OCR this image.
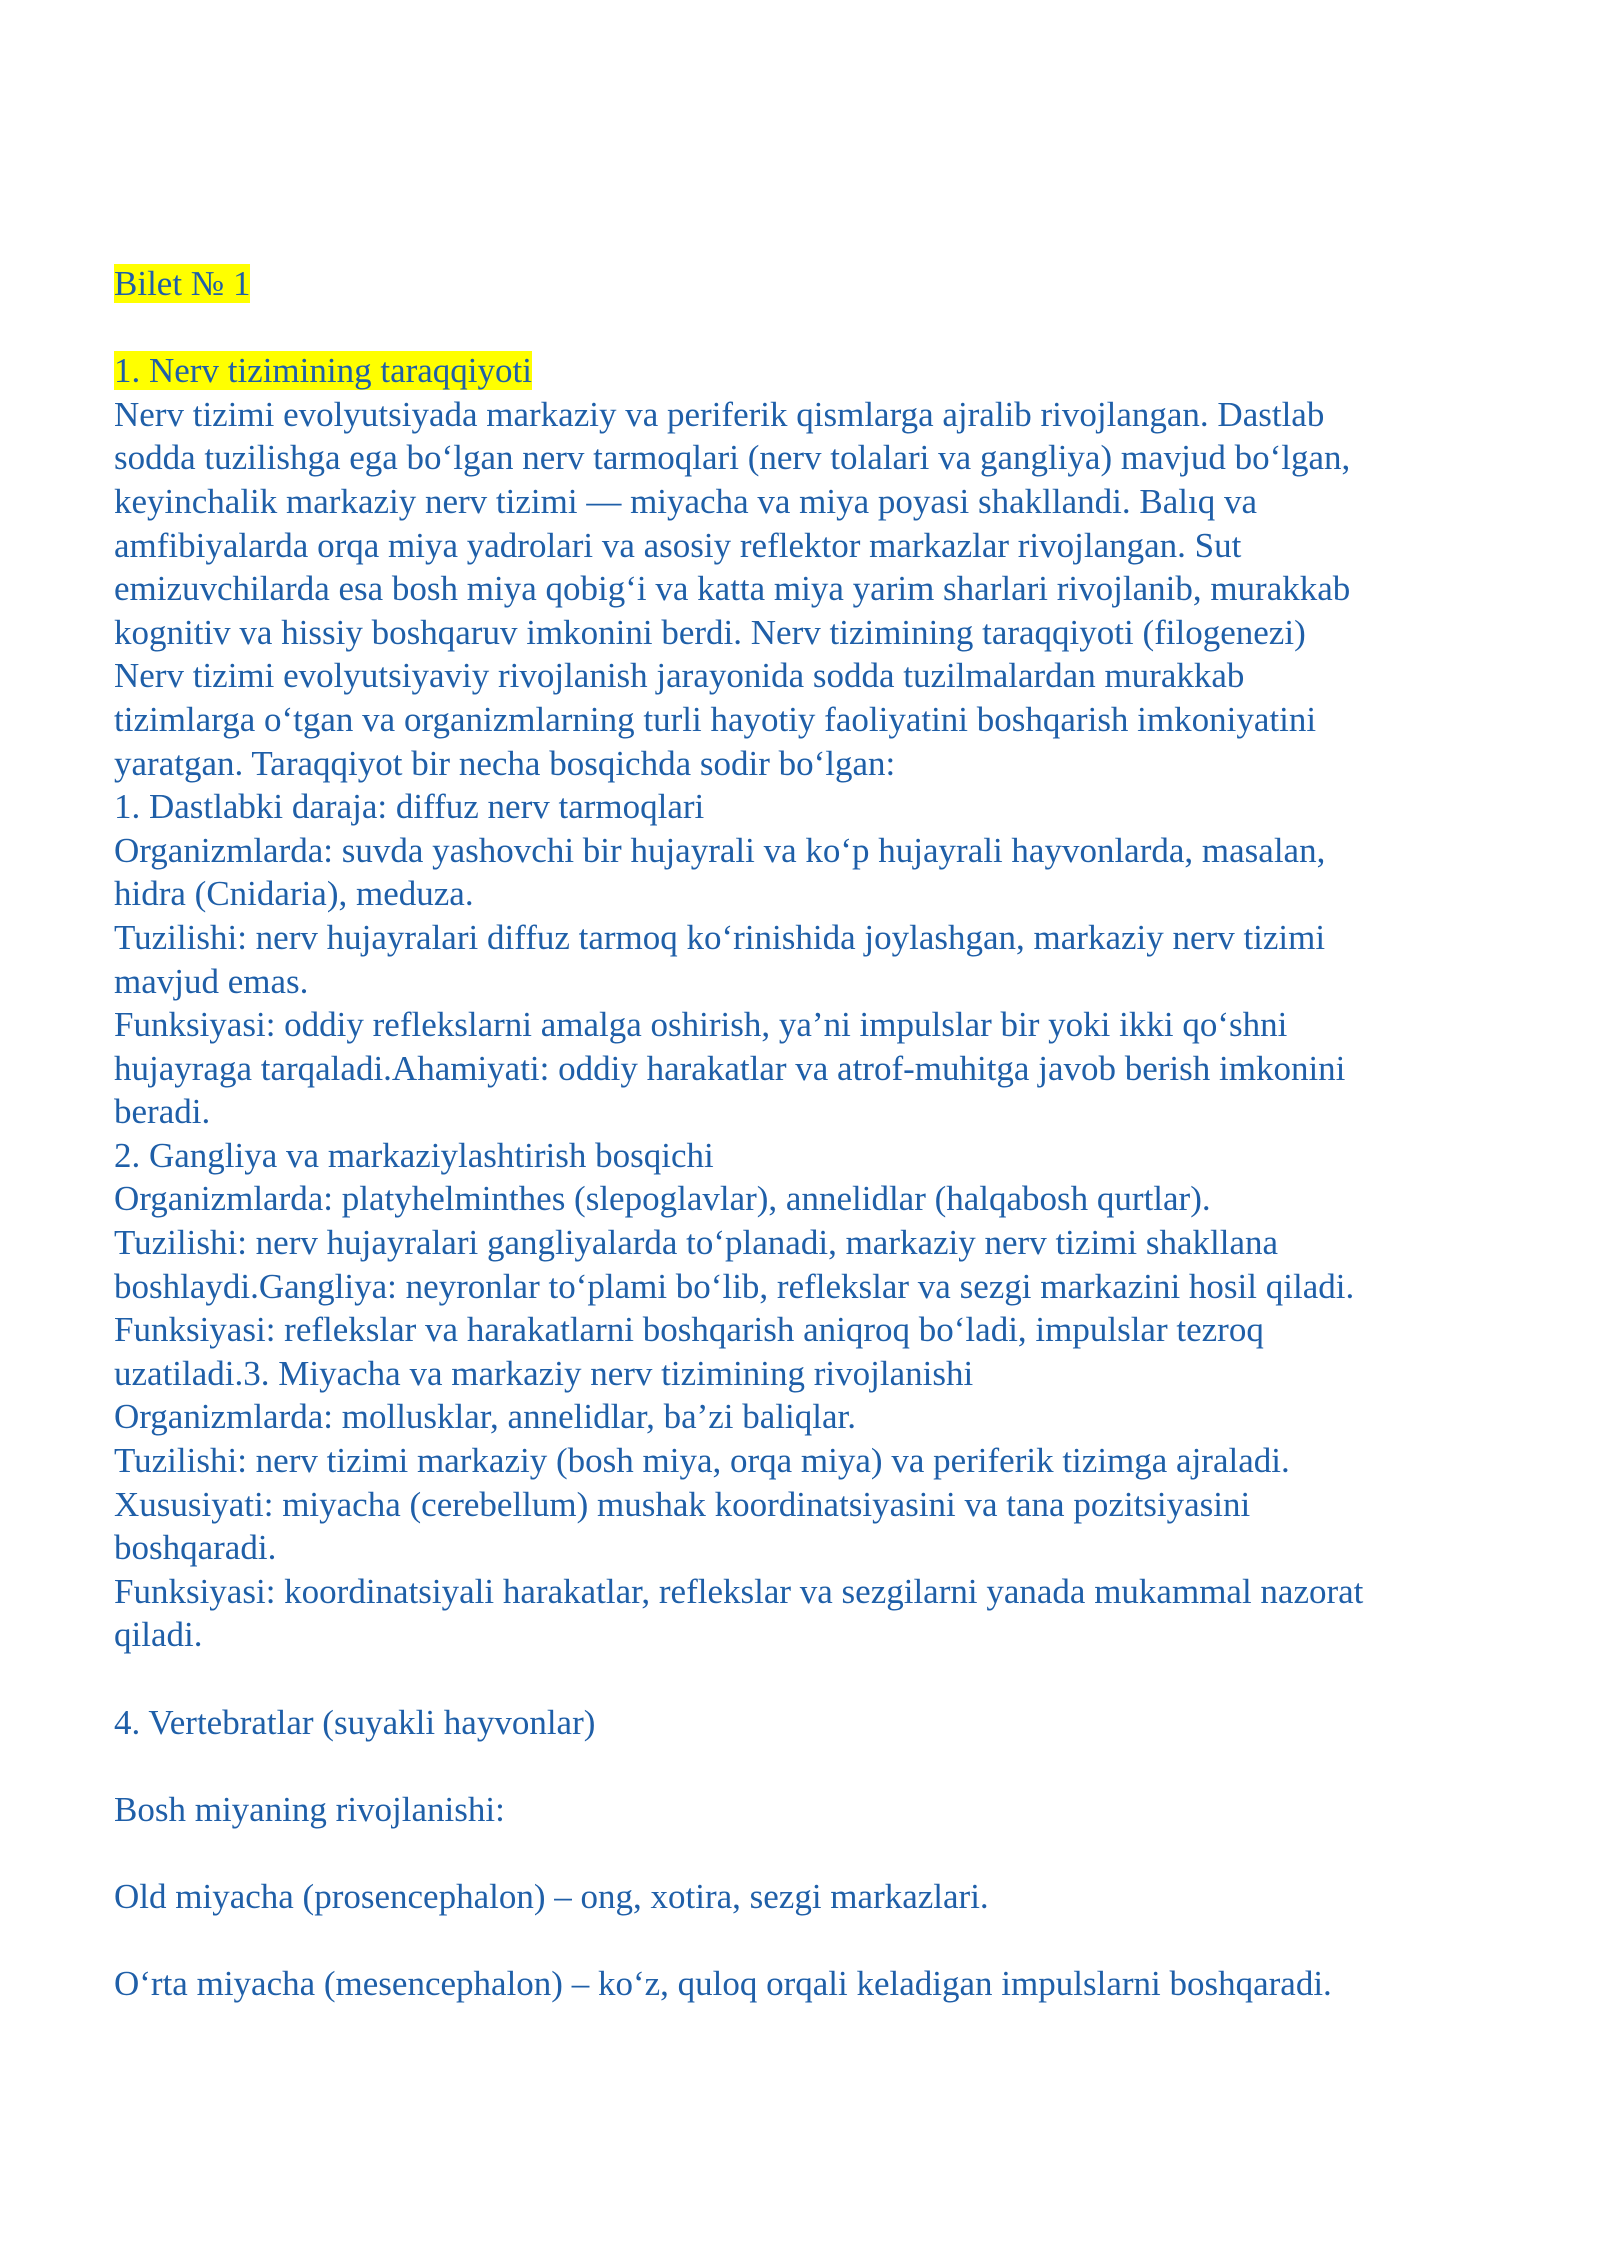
Bilet № 1
1. Nerv tizimining taraqqiyoti
Nerv tizimi evolyutsiyada markaziy va periferik qismlarga ajralib rivojlangan. Dastlab
sodda tuzilishga ega boʻlgan nerv tarmoqlari (nerv tolalari va gangliya) mavjud boʻlgan,
keyinchalik markaziy nerv tizimi — miyacha va miya poyasi shakllandi. Balıq va
amfibiyalarda orqa miya yadrolari va asosiy reflektor markazlar rivojlangan. Sut
emizuvchilarda esa bosh miya qobigʻi va katta miya yarim sharlari rivojlanib, murakkab
kognitiv va hissiy boshqaruv imkonini berdi. Nerv tizimining taraqqiyoti (filogenezi)
Nerv tizimi evolyutsiyaviy rivojlanish jarayonida sodda tuzilmalardan murakkab
tizimlarga oʻtgan va organizmlarning turli hayotiy faoliyatini boshqarish imkoniyatini
yaratgan. Taraqqiyot bir necha bosqichda sodir boʻlgan:
1. Dastlabki daraja: diffuz nerv tarmoqlari
Organizmlarda: suvda yashovchi bir hujayrali va koʻp hujayrali hayvonlarda, masalan,
hidra (Cnidaria), meduza.
Tuzilishi: nerv hujayralari diffuz tarmoq koʻrinishida joylashgan, markaziy nerv tizimi
mavjud emas.
Funksiyasi: oddiy reflekslarni amalga oshirish, ya’ni impulslar bir yoki ikki qoʻshni
hujayraga tarqaladi.Ahamiyati: oddiy harakatlar va atrof-muhitga javob berish imkonini
beradi.
2. Gangliya va markaziylashtirish bosqichi
Organizmlarda: platyhelminthes (slepoglavlar), annelidlar (halqabosh qurtlar).
Tuzilishi: nerv hujayralari gangliyalarda toʻplanadi, markaziy nerv tizimi shakllana
boshlaydi.Gangliya: neyronlar toʻplami boʻlib, reflekslar va sezgi markazini hosil qiladi.
Funksiyasi: reflekslar va harakatlarni boshqarish aniqroq boʻladi, impulslar tezroq
uzatiladi.3. Miyacha va markaziy nerv tizimining rivojlanishi
Organizmlarda: mollusklar, annelidlar, ba’zi baliqlar.
Tuzilishi: nerv tizimi markaziy (bosh miya, orqa miya) va periferik tizimga ajraladi.
Xususiyati: miyacha (cerebellum) mushak koordinatsiyasini va tana pozitsiyasini
boshqaradi.
Funksiyasi: koordinatsiyali harakatlar, reflekslar va sezgilarni yanada mukammal nazorat
qiladi.
4. Vertebratlar (suyakli hayvonlar)
Bosh miyaning rivojlanishi:
Old miyacha (prosencephalon) – ong, xotira, sezgi markazlari.
Oʻrta miyacha (mesencephalon) – koʻz, quloq orqali keladigan impulslarni boshqaradi.
